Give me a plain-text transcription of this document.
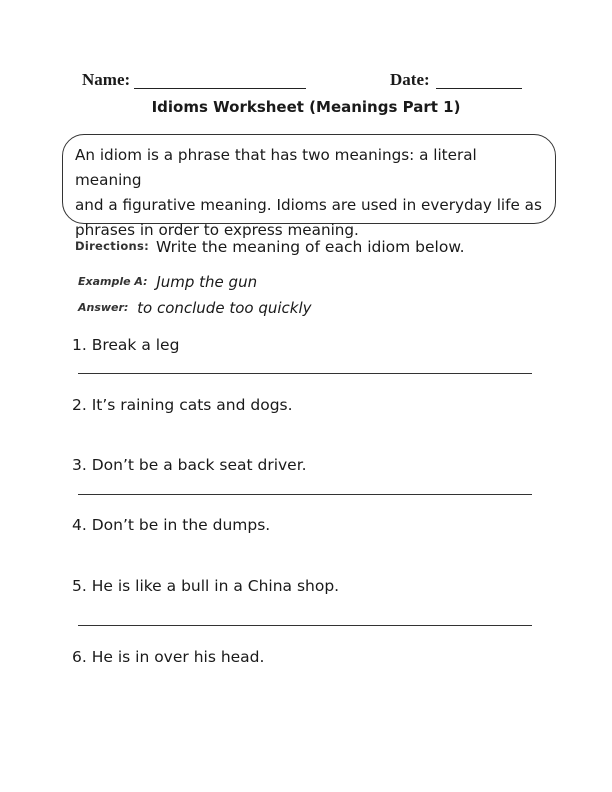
Name:	Date:
Idioms Worksheet (Meanings Part 1)
An idiom is a phrase that has two meanings: a literal meaning
and a figurative meaning. Idioms are used in everyday life as
phrases in order to express meaning.
Directions: Write the meaning of each idiom below.
Example A: Jump the gun
Answer: to conclude too quickly
1. Break a leg
2. It’s raining cats and dogs.
3. Don’t be a back seat driver.
4. Don’t be in the dumps.
5. He is like a bull in a China shop.
6. He is in over his head.
